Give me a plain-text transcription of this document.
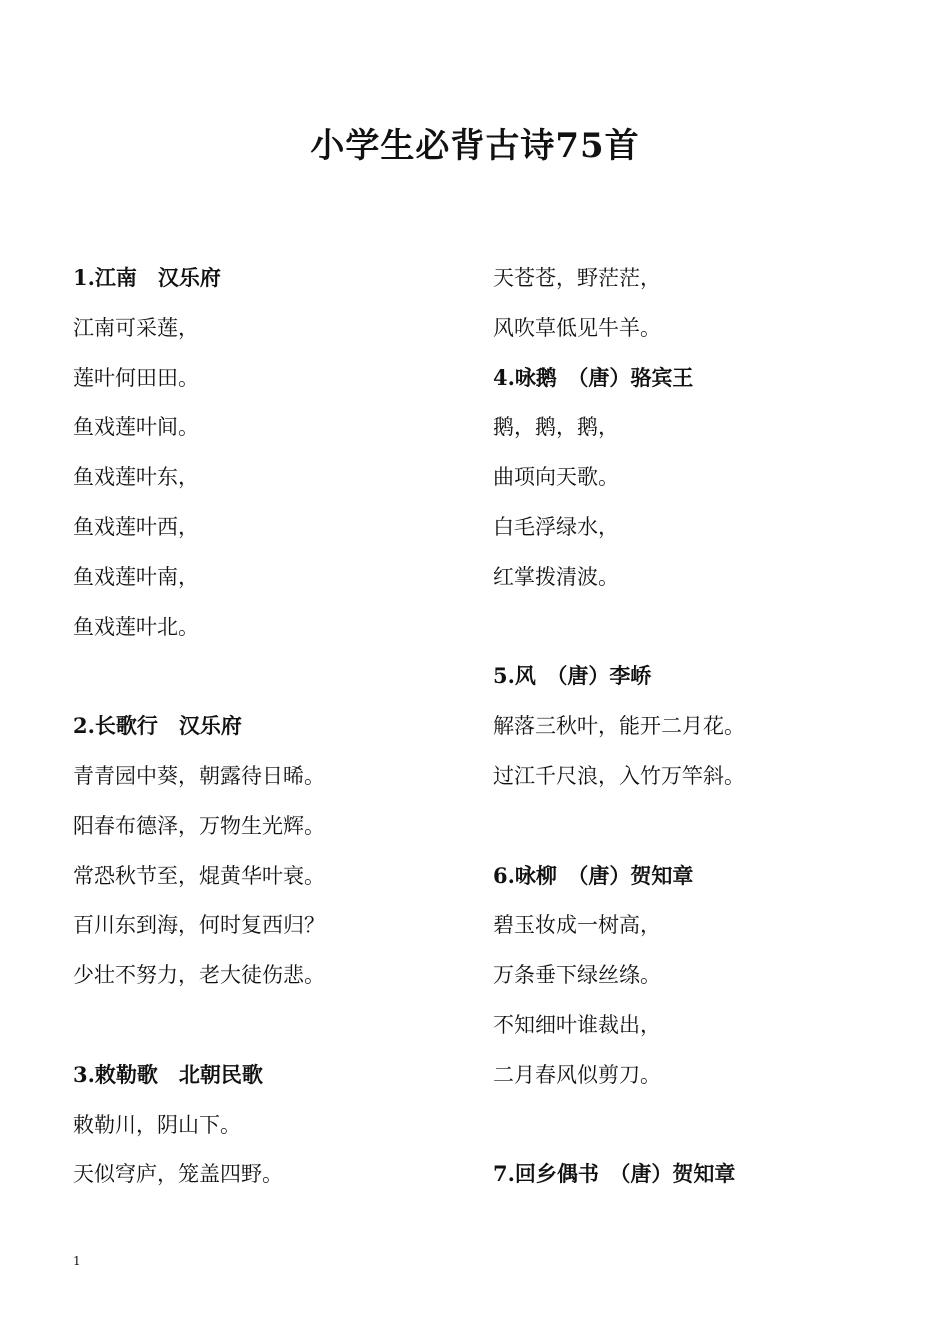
小学生必背古诗75首
1.江南　汉乐府
江南可采莲，
莲叶何田田。
鱼戏莲叶间。
鱼戏莲叶东，
鱼戏莲叶西，
鱼戏莲叶南，
鱼戏莲叶北。
2.长歌行　汉乐府
青青园中葵，朝露待日晞。
阳春布德泽，万物生光辉。
常恐秋节至，焜黄华叶衰。
百川东到海，何时复西归？
少壮不努力，老大徒伤悲。
3.敕勒歌　北朝民歌
敕勒川，阴山下。
天似穹庐，笼盖四野。
天苍苍，野茫茫，
风吹草低见牛羊。
4.咏鹅　（唐）骆宾王
鹅，鹅，鹅，
曲项向天歌。
白毛浮绿水，
红掌拨清波。
5.风　（唐）李峤
解落三秋叶，能开二月花。
过江千尺浪，入竹万竿斜。
6.咏柳　（唐）贺知章
碧玉妆成一树高，
万条垂下绿丝绦。
不知细叶谁裁出，
二月春风似剪刀。
7.回乡偶书　（唐）贺知章
1
